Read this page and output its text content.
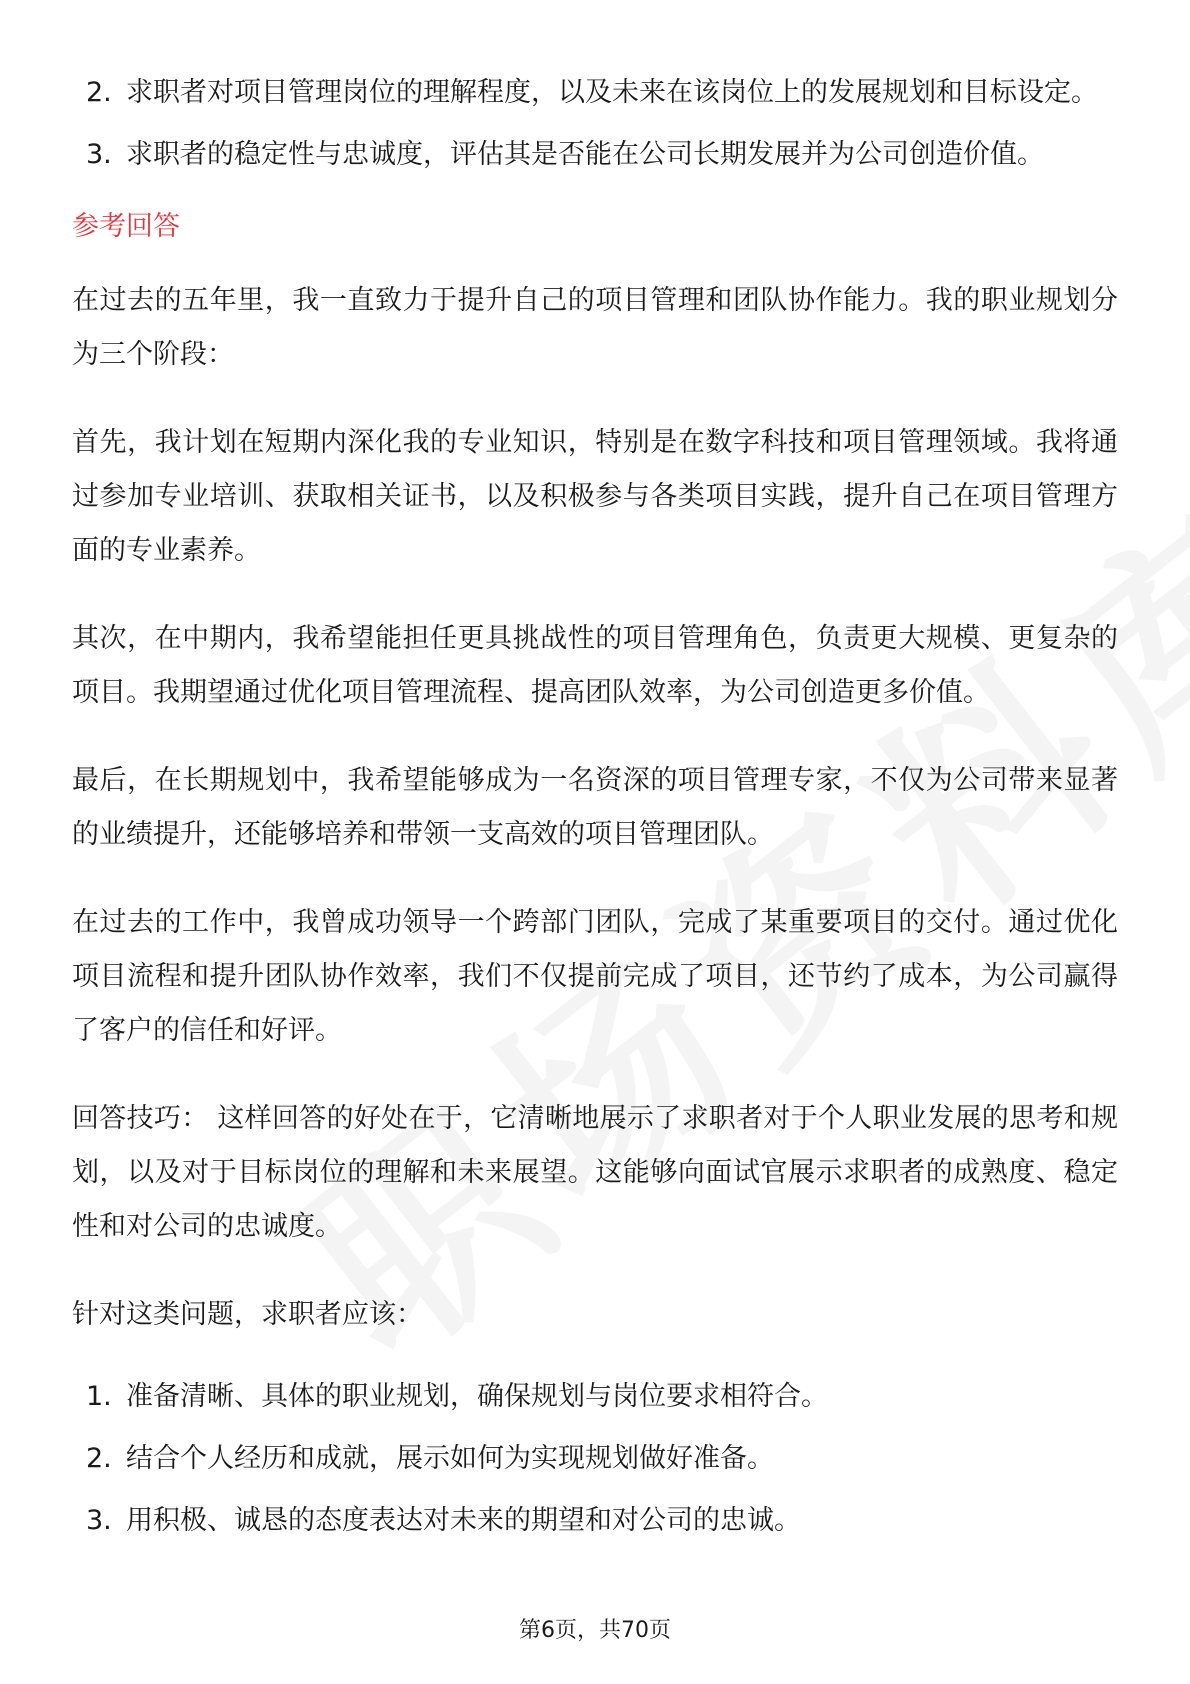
2. 求职者对项目管理岗位的理解程度，以及未来在该岗位上的发展规划和目标设定。
3. 求职者的稳定性与忠诚度，评估其是否能在公司长期发展并为公司创造价值。
参考回答

在过去的五年里，我一直致力于提升自己的项目管理和团队协作能力。我的职业规划分为三个阶段：

首先，我计划在短期内深化我的专业知识，特别是在数字科技和项目管理领域。我将通过参加专业培训、获取相关证书，以及积极参与各类项目实践，提升自己在项目管理方面的专业素养。

其次，在中期内，我希望能担任更具挑战性的项目管理角色，负责更大规模、更复杂的项目。我期望通过优化项目管理流程、提高团队效率，为公司创造更多价值。

最后，在长期规划中，我希望能够成为一名资深的项目管理专家，不仅为公司带来显著的业绩提升，还能够培养和带领一支高效的项目管理团队。

在过去的工作中，我曾成功领导一个跨部门团队，完成了某重要项目的交付。通过优化项目流程和提升团队协作效率，我们不仅提前完成了项目，还节约了成本，为公司赢得了客户的信任和好评。

回答技巧： 这样回答的好处在于，它清晰地展示了求职者对于个人职业发展的思考和规划，以及对于目标岗位的理解和未来展望。这能够向面试官展示求职者的成熟度、稳定性和对公司的忠诚度。

针对这类问题，求职者应该：

1. 准备清晰、具体的职业规划，确保规划与岗位要求相符合。
2. 结合个人经历和成就，展示如何为实现规划做好准备。
3. 用积极、诚恳的态度表达对未来的期望和对公司的忠诚。
第6页，共70页
